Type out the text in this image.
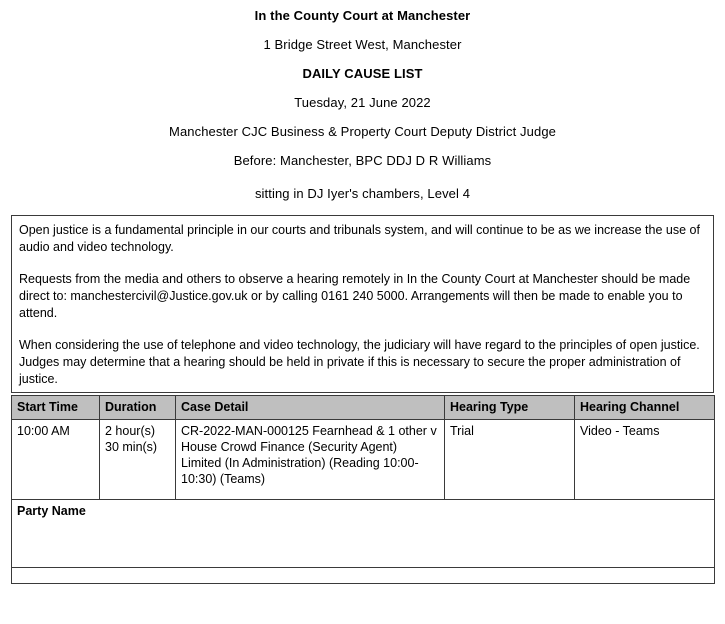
In the County Court at Manchester
1 Bridge Street West, Manchester
DAILY CAUSE LIST
Tuesday, 21 June 2022
Manchester CJC Business & Property Court Deputy District Judge
Before: Manchester, BPC DDJ D R Williams
sitting in DJ Iyer's chambers, Level 4

Open justice is a fundamental principle in our courts and tribunals system, and will continue to be as we increase the use of audio and video technology.

Requests from the media and others to observe a hearing remotely in In the County Court at Manchester should be made direct to: manchestercivil@Justice.gov.uk or by calling 0161 240 5000. Arrangements will then be made to enable you to attend.

When considering the use of telephone and video technology, the judiciary will have regard to the principles of open justice. Judges may determine that a hearing should be held in private if this is necessary to secure the proper administration of justice.

Start Time	Duration	Case Detail	Hearing Type	Hearing Channel
10:00 AM	2 hour(s) 30 min(s)	CR-2022-MAN-000125 Fearnhead & 1 other v House Crowd Finance (Security Agent) Limited (In Administration) (Reading 10:00-10:30) (Teams)	Trial	Video - Teams

Party Name				
